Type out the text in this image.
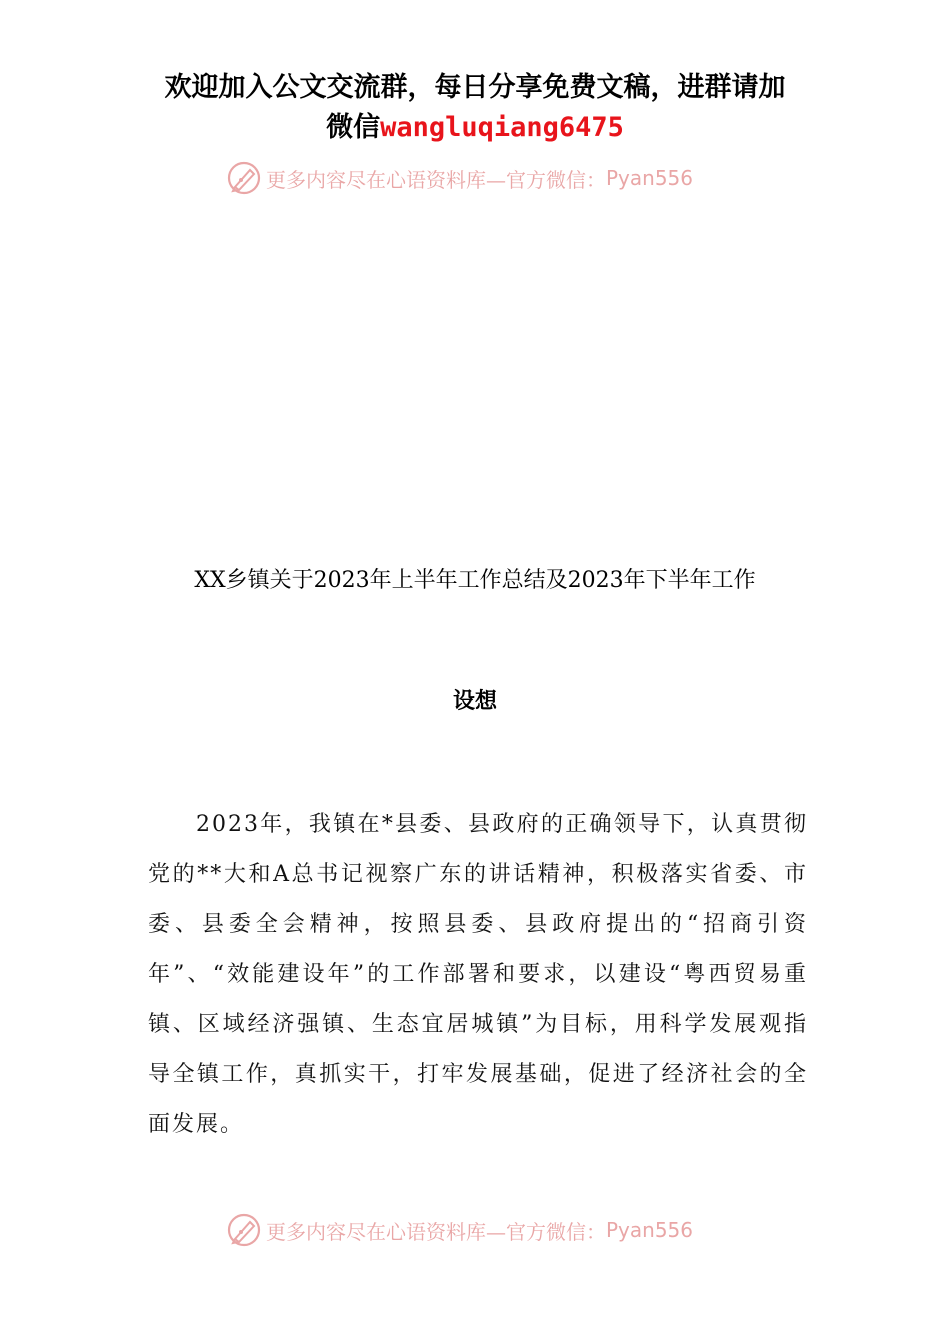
欢迎加入公文交流群，每日分享免费文稿，进群请加
微信wangluqiang6475
更多内容尽在心语资料库—官方微信： Pyan556
XX乡镇关于2023年上半年工作总结及2023年下半年工作
设想

2023年，我镇在*县委、县政府的正确领导下，认真贯彻党的**大和A总书记视察广东的讲话精神，积极落实省委、市委、县委全会精神，按照县委、县政府提出的“招商引资年”、“效能建设年”的工作部署和要求，以建设“粤西贸易重镇、区域经济强镇、生态宜居城镇”为目标，用科学发展观指导全镇工作，真抓实干，打牢发展基础，促进了经济社会的全面发展。

更多内容尽在心语资料库—官方微信： Pyan556
